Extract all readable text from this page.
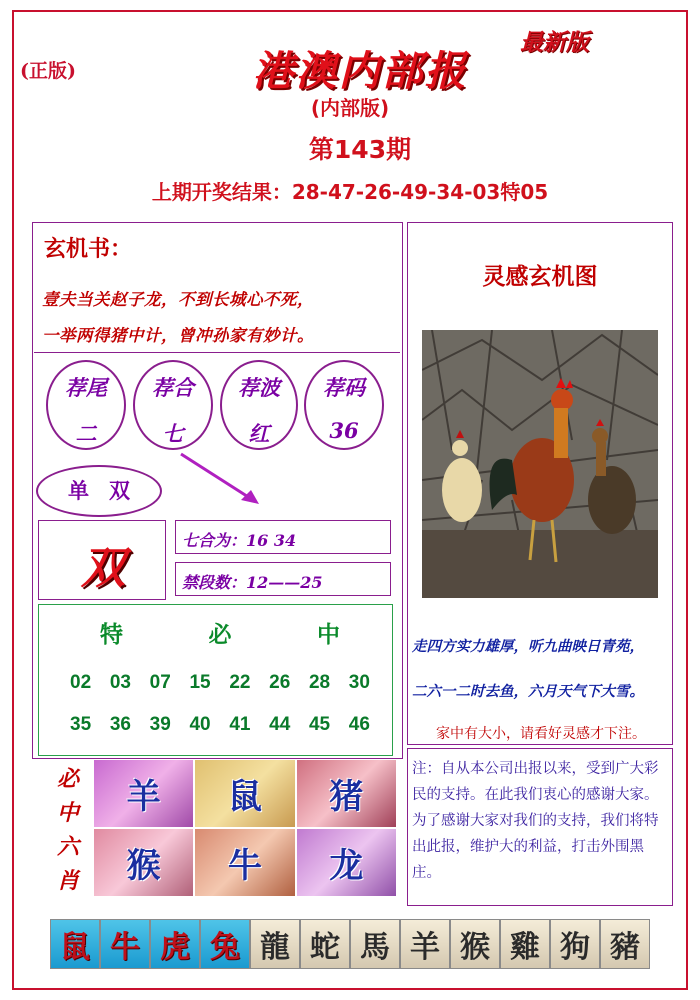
(正版)	港澳内部报
最新版
(内部版)
第143期
上期开奖结果：28-47-26-49-34-03特05
玄机书：
壹夫当关赵子龙，不到长城心不死，
一举两得猪中计，曾冲孙家有妙计。
荐尾
二
荐合
七
荐波
红
荐码
36
单双
双
七合为：16 34
禁段数：12——25
特	必	中
02 03 07 15 22 26 28 30
35 36 39 40 41 44 45 46
必
中
六
肖
羊	鼠	猪
猴	牛	龙
灵感玄机图
走四方实力雄厚，听九曲映日青苑，
二六一二时去鱼，六月天气下大雪。
家中有大小，请看好灵感才下注。
注：自从本公司出报以来，受到广大彩民的支持。在此我们衷心的感谢大家。为了感谢大家对我们的支持，我们将特出此报，维护大的利益，打击外围黑庄。
鼠 牛 虎 兔 龍 蛇 馬 羊 猴 雞 狗 豬
